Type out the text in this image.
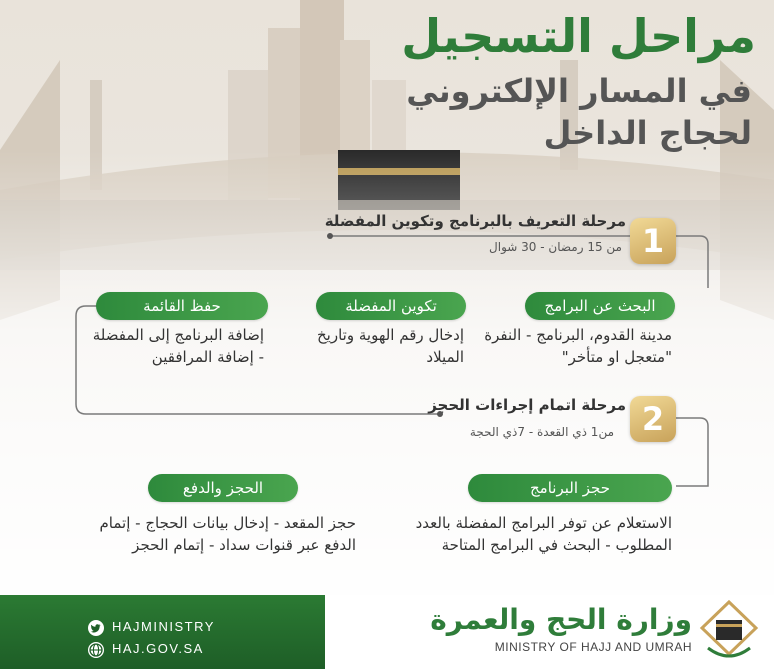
مراحل التسجيل
في المسار الإلكتروني
لحجاج الداخل
1
مرحلة التعريف بالبرنامج وتكوين المفضلة
من 15 رمضان - 30 شوال
البحث عن البرامج
تكوين المفضلة
حفظ القائمة
مدينة القدوم، البرنامج - النفرة "متعجل او متأخر"
إدخال رقم الهوية وتاريخ الميلاد
إضافة البرنامج إلى المفضلة - إضافة المرافقين
2
مرحلة اتمام إجراءات الحجز
من1 ذي القعدة - 7ذي الحجة
حجز البرنامج
الحجز والدفع
الاستعلام عن توفر البرامج المفضلة بالعدد المطلوب - البحث في البرامج المتاحة
حجز المقعد - إدخال بيانات الحجاج - إتمام الدفع عبر قنوات سداد - إتمام الحجز
HAJMINISTRY
HAJ.GOV.SA
وزارة الحج والعمرة
MINISTRY OF HAJJ AND UMRAH
